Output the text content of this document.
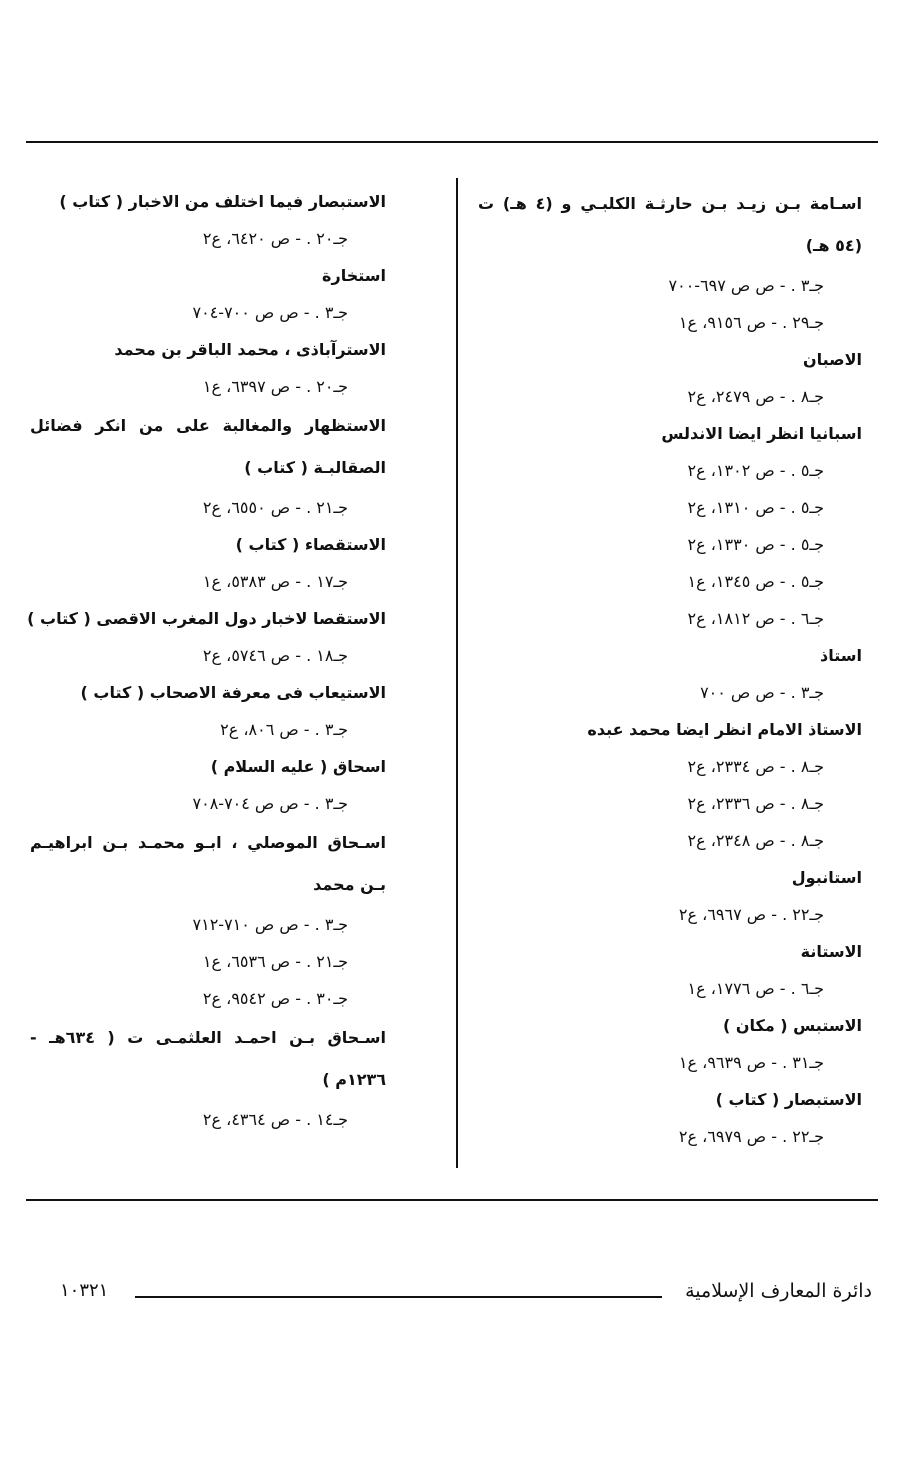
اسـامة بـن زيـد بـن حارثـة الكلبـي و (٤ هـ) ت (٥٤ هـ)
جـ٣ . - ص ص ٦٩٧-٧٠٠
جـ٢٩ . - ص ٩١٥٦، ع١
الاصبان
جـ٨ . - ص ٢٤٧٩، ع٢
اسبانيا انظر ايضا الاندلس
جـ٥ . - ص ١٣٠٢، ع٢
جـ٥ . - ص ١٣١٠، ع٢
جـ٥ . - ص ١٣٣٠، ع٢
جـ٥ . - ص ١٣٤٥، ع١
جـ٦ . - ص ١٨١٢، ع٢
استاذ
جـ٣ . - ص ص ٧٠٠
الاستاذ الامام انظر ايضا محمد عبده
جـ٨ . - ص ٢٣٣٤، ع٢
جـ٨ . - ص ٢٣٣٦، ع٢
جـ٨ . - ص ٢٣٤٨، ع٢
استانبول
جـ٢٢ . - ص ٦٩٦٧، ع٢
الاستانة
جـ٦ . - ص ١٧٧٦، ع١
الاستبس ( مكان )
جـ٣١ . - ص ٩٦٣٩، ع١
الاستبصار ( كتاب )
جـ٢٢ . - ص ٦٩٧٩، ع٢
الاستبصار فيما اختلف من الاخبار ( كتاب )
جـ٢٠ . - ص ٦٤٢٠، ع٢
استخارة
جـ٣ . - ص ص ٧٠٠-٧٠٤
الاسترآباذى ، محمد الباقر بن محمد
جـ٢٠ . - ص ٦٣٩٧، ع١
الاستظهار والمغالبة على من انكر فضائل الصقالبـة ( كتاب )
جـ٢١ . - ص ٦٥٥٠، ع٢
الاستقصاء ( كتاب )
جـ١٧ . - ص ٥٣٨٣، ع١
الاستقصا لاخبار دول المغرب الاقصى ( كتاب )
جـ١٨ . - ص ٥٧٤٦، ع٢
الاستيعاب فى معرفة الاصحاب ( كتاب )
جـ٣ . - ص ٨٠٦، ع٢
اسحاق ( عليه السلام )
جـ٣ . - ص ص ٧٠٤-٧٠٨
اسـحاق الموصلي ، ابـو محمـد بـن ابراهيـم بـن محمد
جـ٣ . - ص ص ٧١٠-٧١٢
جـ٢١ . - ص ٦٥٣٦، ع١
جـ٣٠ . - ص ٩٥٤٢، ع٢
اسـحاق بـن احمـد العلثمـى ت ( ٦٣٤هـ - ١٢٣٦م )
جـ١٤ . - ص ٤٣٦٤، ع٢
دائرة المعارف الإسلامية
١٠٣٢١
